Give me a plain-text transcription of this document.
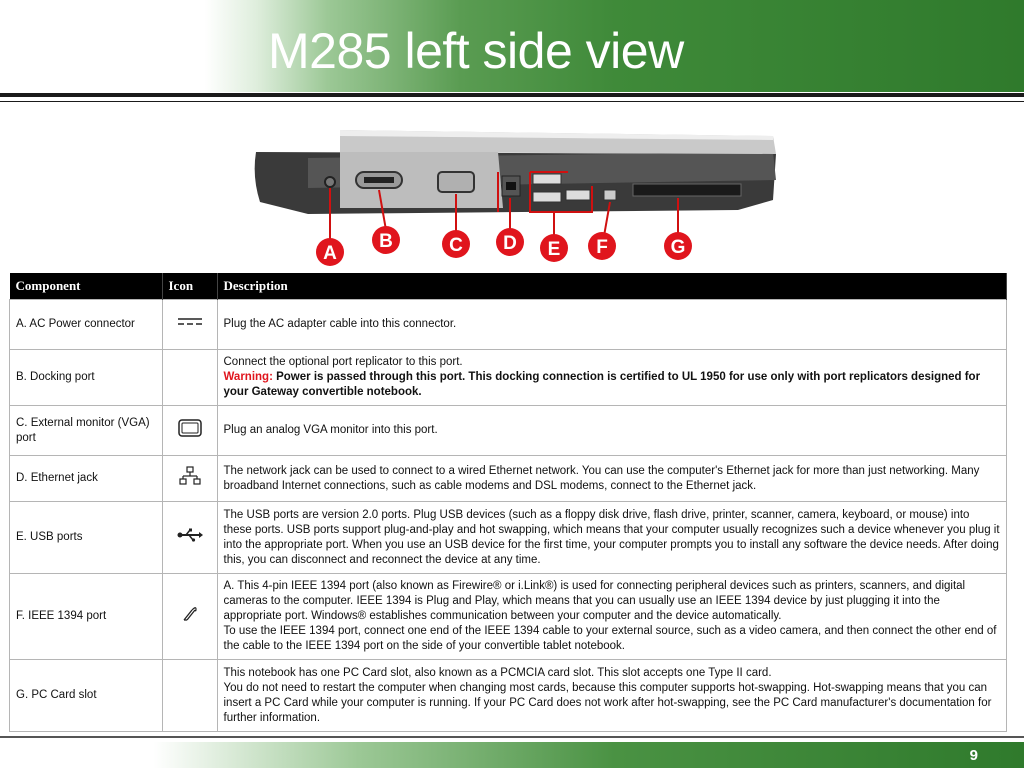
M285 left side view
A
B	C D E F	G
Component	Icon	Description
A. AC Power connector		Plug the AC adapter cable into this connector.

B. Docking port		Connect the optional port replicator to this port.
Warning: Power is passed through this port. This docking connection is certified to UL 1950 for use only with port replicators designed for your Gateway convertible notebook.
C. External monitor (VGA) port		Plug an analog VGA monitor into this port.

D. Ethernet jack		The network jack can be used to connect to a wired Ethernet network. You can use the computer's Ethernet jack for more than just networking. Many broadband Internet connections, such as cable modems and DSL modems, connect to the Ethernet jack.

E. USB ports		The USB ports are version 2.0 ports. Plug USB devices (such as a floppy disk drive, flash drive, printer, scanner, camera, keyboard, or mouse) into these ports. USB ports support plug-and-play and hot swapping, which means that your computer usually recognizes such a device whenever you plug it into the appropriate port. When you use an USB device for the first time, your computer prompts you to install any software the device needs. After doing this, you can disconnect and reconnect the device at any time.

F. IEEE 1394 port		A. This 4-pin IEEE 1394 port (also known as Firewire® or i.Link®) is used for connecting peripheral devices such as printers, scanners, and digital cameras to the computer. IEEE 1394 is Plug and Play, which means that you can usually use an IEEE 1394 device by just plugging it into the appropriate port. Windows® establishes communication between your computer and the device automatically.
To use the IEEE 1394 port, connect one end of the IEEE 1394 cable to your external source, such as a video camera, and then connect the other end of the cable to the IEEE 1394 port on the side of your convertible tablet notebook.

G. PC Card slot		This notebook has one PC Card slot, also known as a PCMCIA card slot. This slot accepts one Type II card.
You do not need to restart the computer when changing most cards, because this computer supports hot-swapping. Hot-swapping means that you can insert a PC Card while your computer is running. If your PC Card does not work after hot-swapping, see the PC Card manufacturer's documentation for further information.
9
